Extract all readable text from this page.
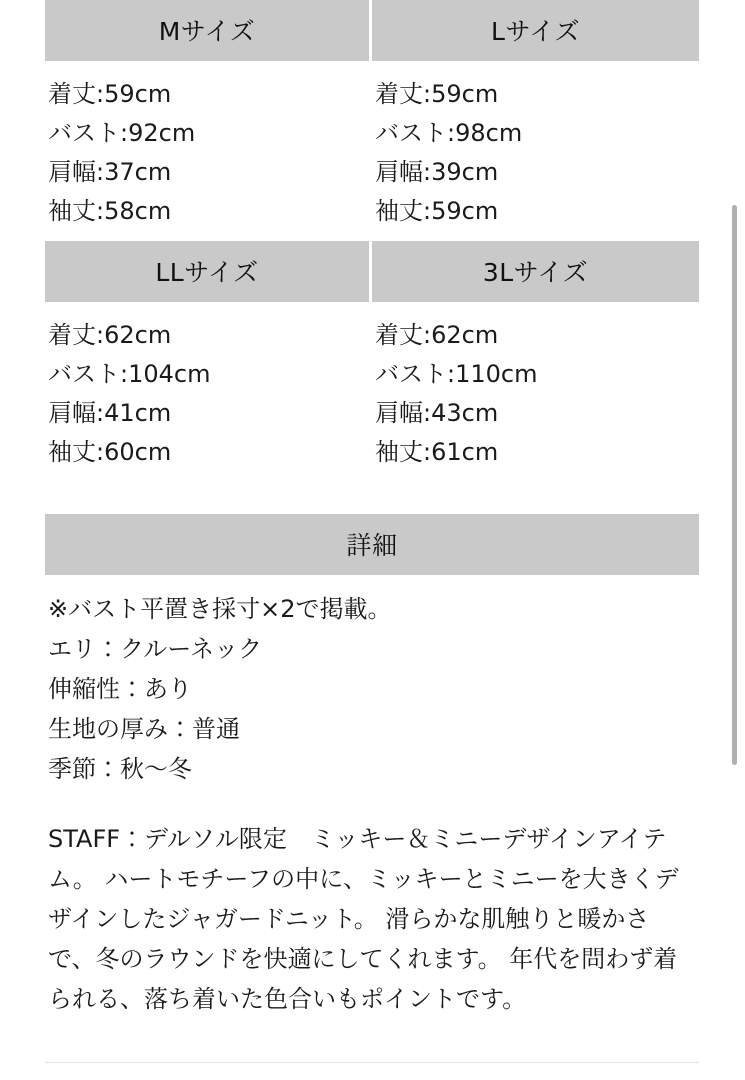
Mサイズ	Lサイズ
着丈:59cm
バスト:92cm
肩幅:37cm
袖丈:58cm
着丈:59cm
バスト:98cm
肩幅:39cm
袖丈:59cm
LLサイズ	3Lサイズ
着丈:62cm
バスト:104cm
肩幅:41cm
袖丈:60cm
着丈:62cm
バスト:110cm
肩幅:43cm
袖丈:61cm
詳細
※バスト平置き採寸×2で掲載。
エリ：クルーネック
伸縮性：あり
生地の厚み：普通
季節：秋〜冬
STAFF：デルソル限定　ミッキー＆ミニーデザインアイテム。 ハートモチーフの中に、ミッキーとミニーを大きくデザインしたジャガードニット。 滑らかな肌触りと暖かさで、冬のラウンドを快適にしてくれます。 年代を問わず着られる、落ち着いた色合いもポイントです。
